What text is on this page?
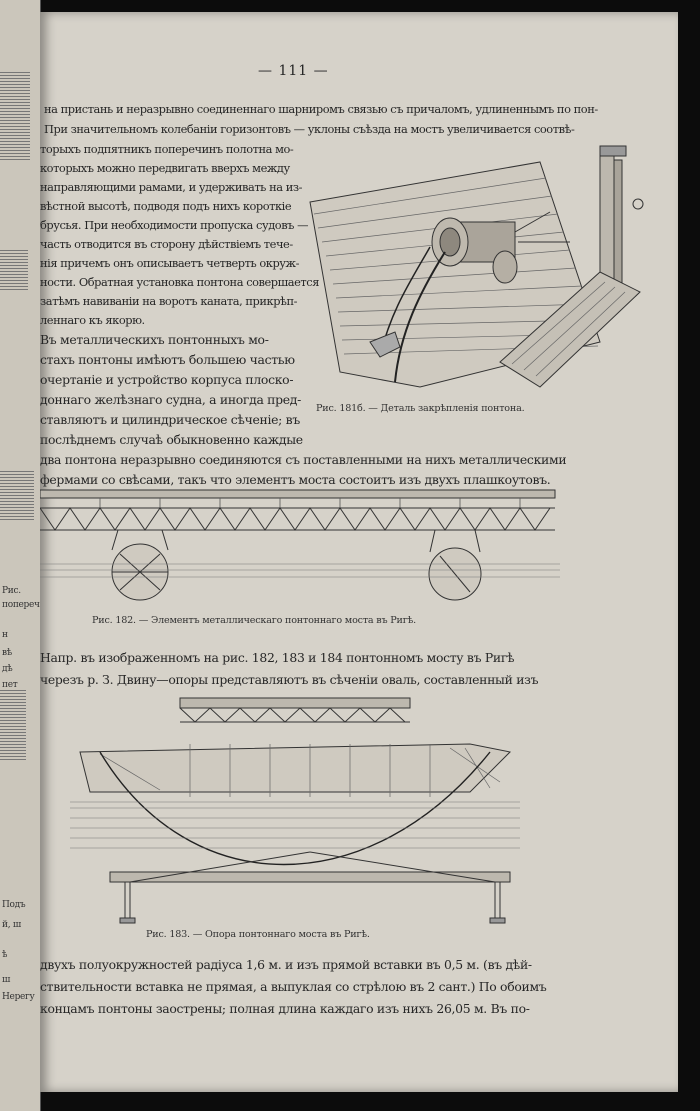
Рис.
попереч
н
вѣ
дѣ
пет
Подъ
й, ш
ѣ
ш
Нерегу
— 111 —
на пристань и неразрывно соединеннаго шарниромъ связью съ причаломъ, удлиненнымъ по пон-
При значительномъ колебаніи горизонтовъ — уклоны съѣзда на мостъ увеличивается соотвѣ-
торыхъ подпятникъ поперечинъ полотна мо-
которыхъ можно передвигать вверхъ между
направляющими рамами, и удерживать на из-
вѣстной высотѣ, подводя подъ нихъ короткіе
брусья. При необходимости пропуска судовъ —
часть отводится въ сторону дѣйствіемъ тече-
нія причемъ онъ описываетъ четверть окруж-
ности. Обратная установка понтона совершается
затѣмъ навиваніи на воротъ каната, прикрѣп-
леннаго къ якорю.
Въ металлическихъ понтонныхъ мо-
стахъ понтоны имѣютъ большею частью
очертаніе и устройство корпуса плоско-
доннаго желѣзнаго судна, а иногда пред-
ставляютъ и цилиндрическое сѣченіе; въ
послѣднемъ случаѣ обыкновенно каждые
два понтона неразрывно соединяются съ поставленными на нихъ металлическими
фермами со свѣсами, такъ что элементъ моста состоитъ изъ двухъ плашкоутовъ.
Рис. 181б. — Деталь закрѣпленія понтона.
Рис. 182. — Элементъ металлическаго понтоннаго моста въ Ригѣ.
Напр. въ изображенномъ на рис. 182, 183 и 184 понтонномъ мосту въ Ригѣ
черезъ р. З. Двину—опоры представляютъ въ сѣченіи оваль, составленный изъ
Рис. 183. — Опора понтоннаго моста въ Ригѣ.
двухъ полуокружностей радіуса 1,6 м. и изъ прямой вставки въ 0,5 м. (въ дѣй-
ствительности вставка не прямая, а выпуклая со стрѣлою въ 2 сант.) По обоимъ
концамъ понтоны заострены; полная длина каждаго изъ нихъ 26,05 м. Въ по-
